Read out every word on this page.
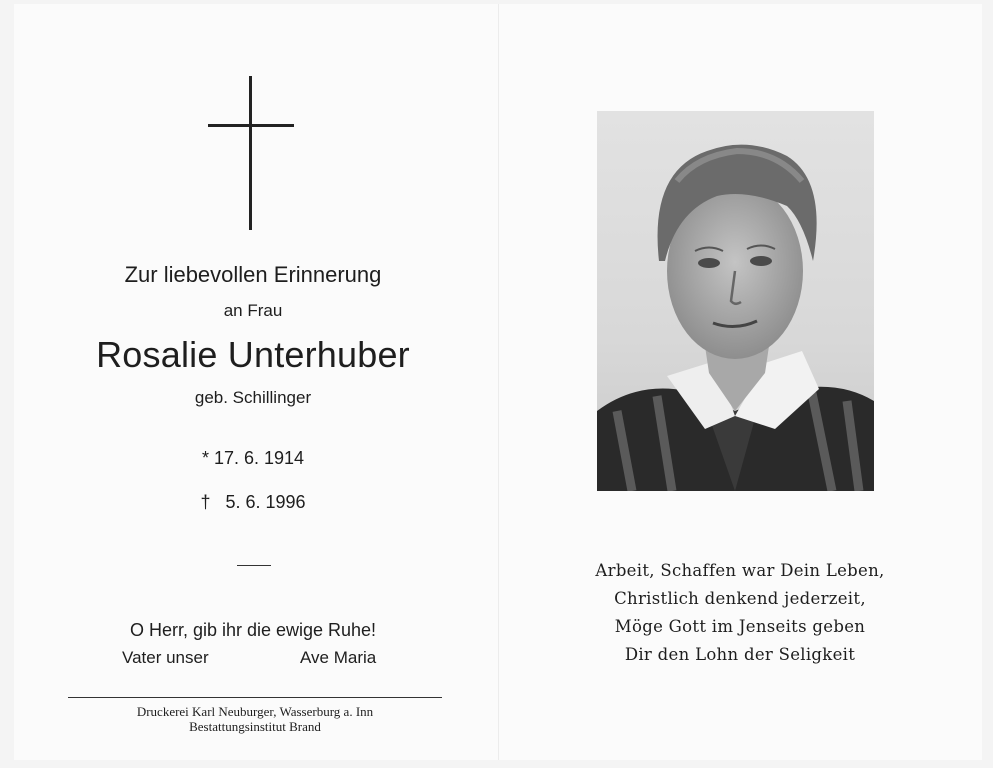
Zur liebevollen Erinnerung
an Frau
Rosalie Unterhuber
geb. Schillinger
* 17. 6. 1914
† 5. 6. 1996
O Herr, gib ihr die ewige Ruhe!
Vater unser	Ave Maria
Druckerei Karl Neuburger, Wasserburg a. Inn
Bestattungsinstitut Brand
Arbeit, Schaffen war Dein Leben,
Christlich denkend jederzeit,
Möge Gott im Jenseits geben
Dir den Lohn der Seligkeit
